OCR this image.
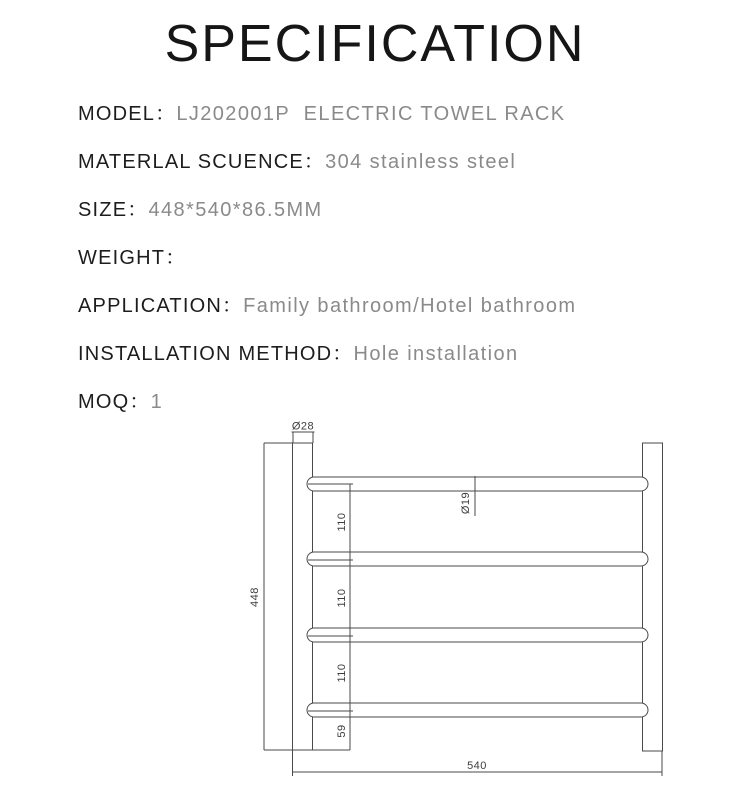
SPECIFICATION
MODEL：LJ202001P  ELECTRIC TOWEL RACK
MATERLAL SCUENCE：304 stainless steel
SIZE：448*540*86.5MM
WEIGHT：
APPLICATION：Family bathroom/Hotel bathroom
INSTALLATION METHOD：Hole installation
MOQ：1
Ø28
448
110
110
110
59
Ø19
540
